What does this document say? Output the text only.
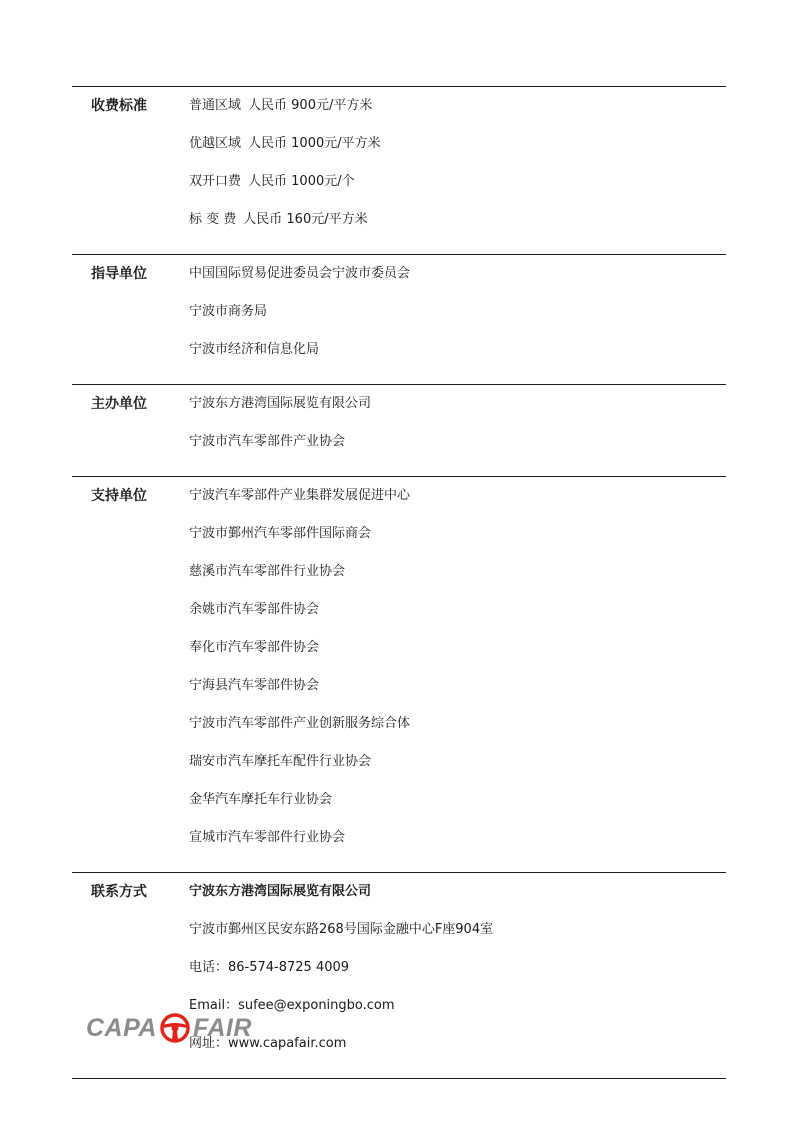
收费标准	普通区域 人民币 900元/平方米
优越区域 人民币 1000元/平方米
双开口费 人民币 1000元/个
标 变 费 人民币 160元/平方米
指导单位	中国国际贸易促进委员会宁波市委员会
宁波市商务局
宁波市经济和信息化局
主办单位	宁波东方港湾国际展览有限公司
宁波市汽车零部件产业协会
支持单位	宁波汽车零部件产业集群发展促进中心
宁波市鄞州汽车零部件国际商会
慈溪市汽车零部件行业协会
余姚市汽车零部件协会
奉化市汽车零部件协会
宁海县汽车零部件协会
宁波市汽车零部件产业创新服务综合体
瑞安市汽车摩托车配件行业协会
金华汽车摩托车行业协会
宣城市汽车零部件行业协会
联系方式	宁波东方港湾国际展览有限公司
宁波市鄞州区民安东路268号国际金融中心F座904室
电话：86-574-8725 4009
Email：sufee@exponingbo.com
网址：www.capafair.com
CAPA FAIR
